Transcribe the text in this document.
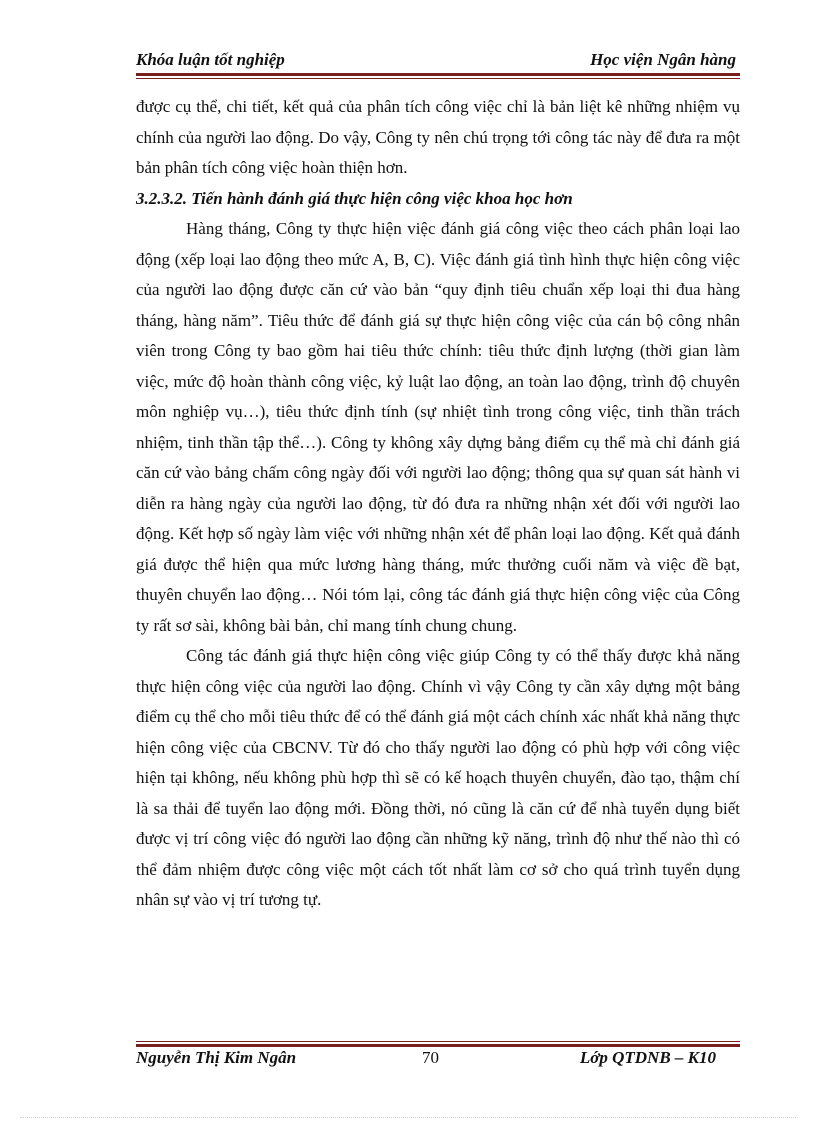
Khóa luận tốt nghiệp	Học viện Ngân hàng

được cụ thể, chi tiết, kết quả của phân tích công việc chỉ là bản liệt kê những nhiệm vụ chính của người lao động. Do vậy, Công ty nên chú trọng tới công tác này để đưa ra một bản phân tích công việc hoàn thiện hơn.

3.2.3.2. Tiến hành đánh giá thực hiện công việc khoa học hơn

Hàng tháng, Công ty thực hiện việc đánh giá công việc theo cách phân loại lao động (xếp loại lao động theo mức A, B, C). Việc đánh giá tình hình thực hiện công việc của người lao động được căn cứ vào bản “quy định tiêu chuẩn xếp loại thi đua hàng tháng, hàng năm”. Tiêu thức để đánh giá sự thực hiện công việc của cán bộ công nhân viên trong Công ty bao gồm hai tiêu thức chính: tiêu thức định lượng (thời gian làm việc, mức độ hoàn thành công việc, kỷ luật lao động, an toàn lao động, trình độ chuyên môn nghiệp vụ…), tiêu thức định tính (sự nhiệt tình trong công việc, tinh thần trách nhiệm, tinh thần tập thể…). Công ty không xây dựng bảng điểm cụ thể mà chỉ đánh giá căn cứ vào bảng chấm công ngày đối với người lao động; thông qua sự quan sát hành vi diễn ra hàng ngày của người lao động, từ đó đưa ra những nhận xét đối với người lao động. Kết hợp số ngày làm việc với những nhận xét để phân loại lao động. Kết quả đánh giá được thể hiện qua mức lương hàng tháng, mức thưởng cuối năm và việc đề bạt, thuyên chuyển lao động… Nói tóm lại, công tác đánh giá thực hiện công việc của Công ty rất sơ sài, không bài bản, chỉ mang tính chung chung.

Công tác đánh giá thực hiện công việc giúp Công ty có thể thấy được khả năng thực hiện công việc của người lao động. Chính vì vậy Công ty cần xây dựng một bảng điểm cụ thể cho mỗi tiêu thức để có thể đánh giá một cách chính xác nhất khả năng thực hiện công việc của CBCNV. Từ đó cho thấy người lao động có phù hợp với công việc hiện tại không, nếu không phù hợp thì sẽ có kế hoạch thuyên chuyển, đào tạo, thậm chí là sa thải để tuyển lao động mới. Đồng thời, nó cũng là căn cứ để nhà tuyển dụng biết được vị trí công việc đó người lao động cần những kỹ năng, trình độ như thế nào thì có thể đảm nhiệm được công việc một cách tốt nhất làm cơ sở cho quá trình tuyển dụng nhân sự vào vị trí tương tự.

Nguyễn Thị Kim Ngân	70	Lớp QTDNB – K10
